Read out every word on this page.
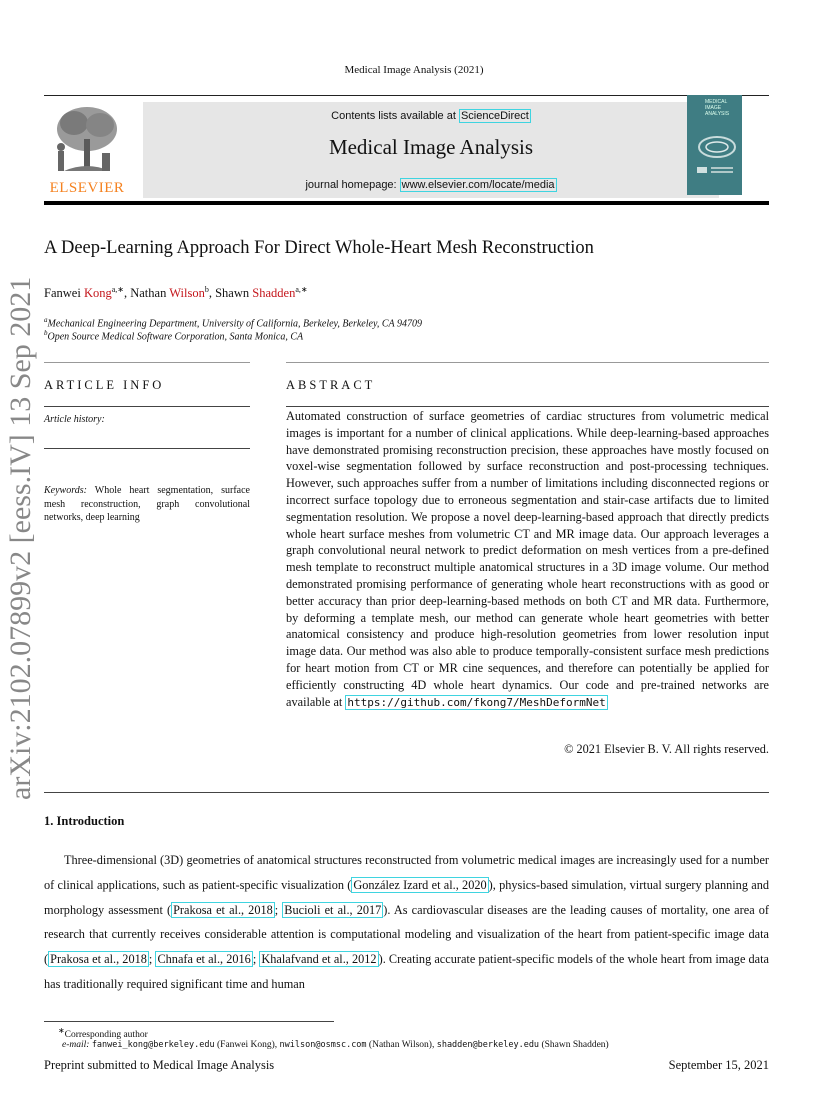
Medical Image Analysis (2021)
ELSEVIER
Contents lists available at ScienceDirect
Medical Image Analysis
journal homepage: www.elsevier.com/locate/media
MEDICAL
IMAGE
ANALYSIS
A Deep-Learning Approach For Direct Whole-Heart Mesh Reconstruction
Fanwei Kong$^{a,∗}$, Nathan Wilson$^b$, Shawn Shadden$^{a,∗}$
$^a$Mechanical Engineering Department, University of California, Berkeley, Berkeley, CA 94709
$^b$Open Source Medical Software Corporation, Santa Monica, CA
ARTICLE INFO	ABSTRACT
Article history:
Keywords: Whole heart segmentation, surface mesh reconstruction, graph convolutional networks, deep learning
Automated construction of surface geometries of cardiac structures from volumetric medical images is important for a number of clinical applications. While deep-learning-based approaches have demonstrated promising reconstruction precision, these approaches have mostly focused on voxel-wise segmentation followed by surface reconstruction and post-processing techniques. However, such approaches suffer from a number of limitations including disconnected regions or incorrect surface topology due to erroneous segmentation and stair-case artifacts due to limited segmentation resolution. We propose a novel deep-learning-based approach that directly predicts whole heart surface meshes from volumetric CT and MR image data. Our approach leverages a graph convolutional neural network to predict deformation on mesh vertices from a pre-defined mesh template to reconstruct multiple anatomical structures in a 3D image volume. Our method demonstrated promising performance of generating whole heart reconstructions with as good or better accuracy than prior deep-learning-based methods on both CT and MR data. Furthermore, by deforming a template mesh, our method can generate whole heart geometries with better anatomical consistency and produce high-resolution geometries from lower resolution input image data. Our method was also able to produce temporally-consistent surface mesh predictions for heart motion from CT or MR cine sequences, and therefore can potentially be applied for efficiently constructing 4D whole heart dynamics. Our code and pre-trained networks are available at https://github.com/fkong7/MeshDeformNet
© 2021 Elsevier B. V. All rights reserved.
arXiv:2102.07899v2 [eess.IV] 13 Sep 2021
1. Introduction
Three-dimensional (3D) geometries of anatomical structures reconstructed from volumetric medical images are increasingly used for a number of clinical applications, such as patient-specific visualization ( González Izard et al., 2020 ), physics-based simulation, virtual surgery planning and morphology assessment ( Prakosa et al., 2018 ; Bucioli et al., 2017 ). As cardiovascular diseases are the leading causes of mortality, one area of research that currently receives considerable attention is computational modeling and visualization of the heart from patient-specific image data ( Prakosa et al., 2018 ; Chnafa et al., 2016 ; Khalafvand et al., 2012 ). Creating accurate patient-specific models of the whole heart from image data has traditionally required significant time and human
∗Corresponding author
e-mail: fanwei_kong@berkeley.edu (Fanwei Kong), nwilson@osmsc.com (Nathan Wilson), shadden@berkeley.edu (Shawn Shadden)
Preprint submitted to Medical Image Analysis	September 15, 2021
